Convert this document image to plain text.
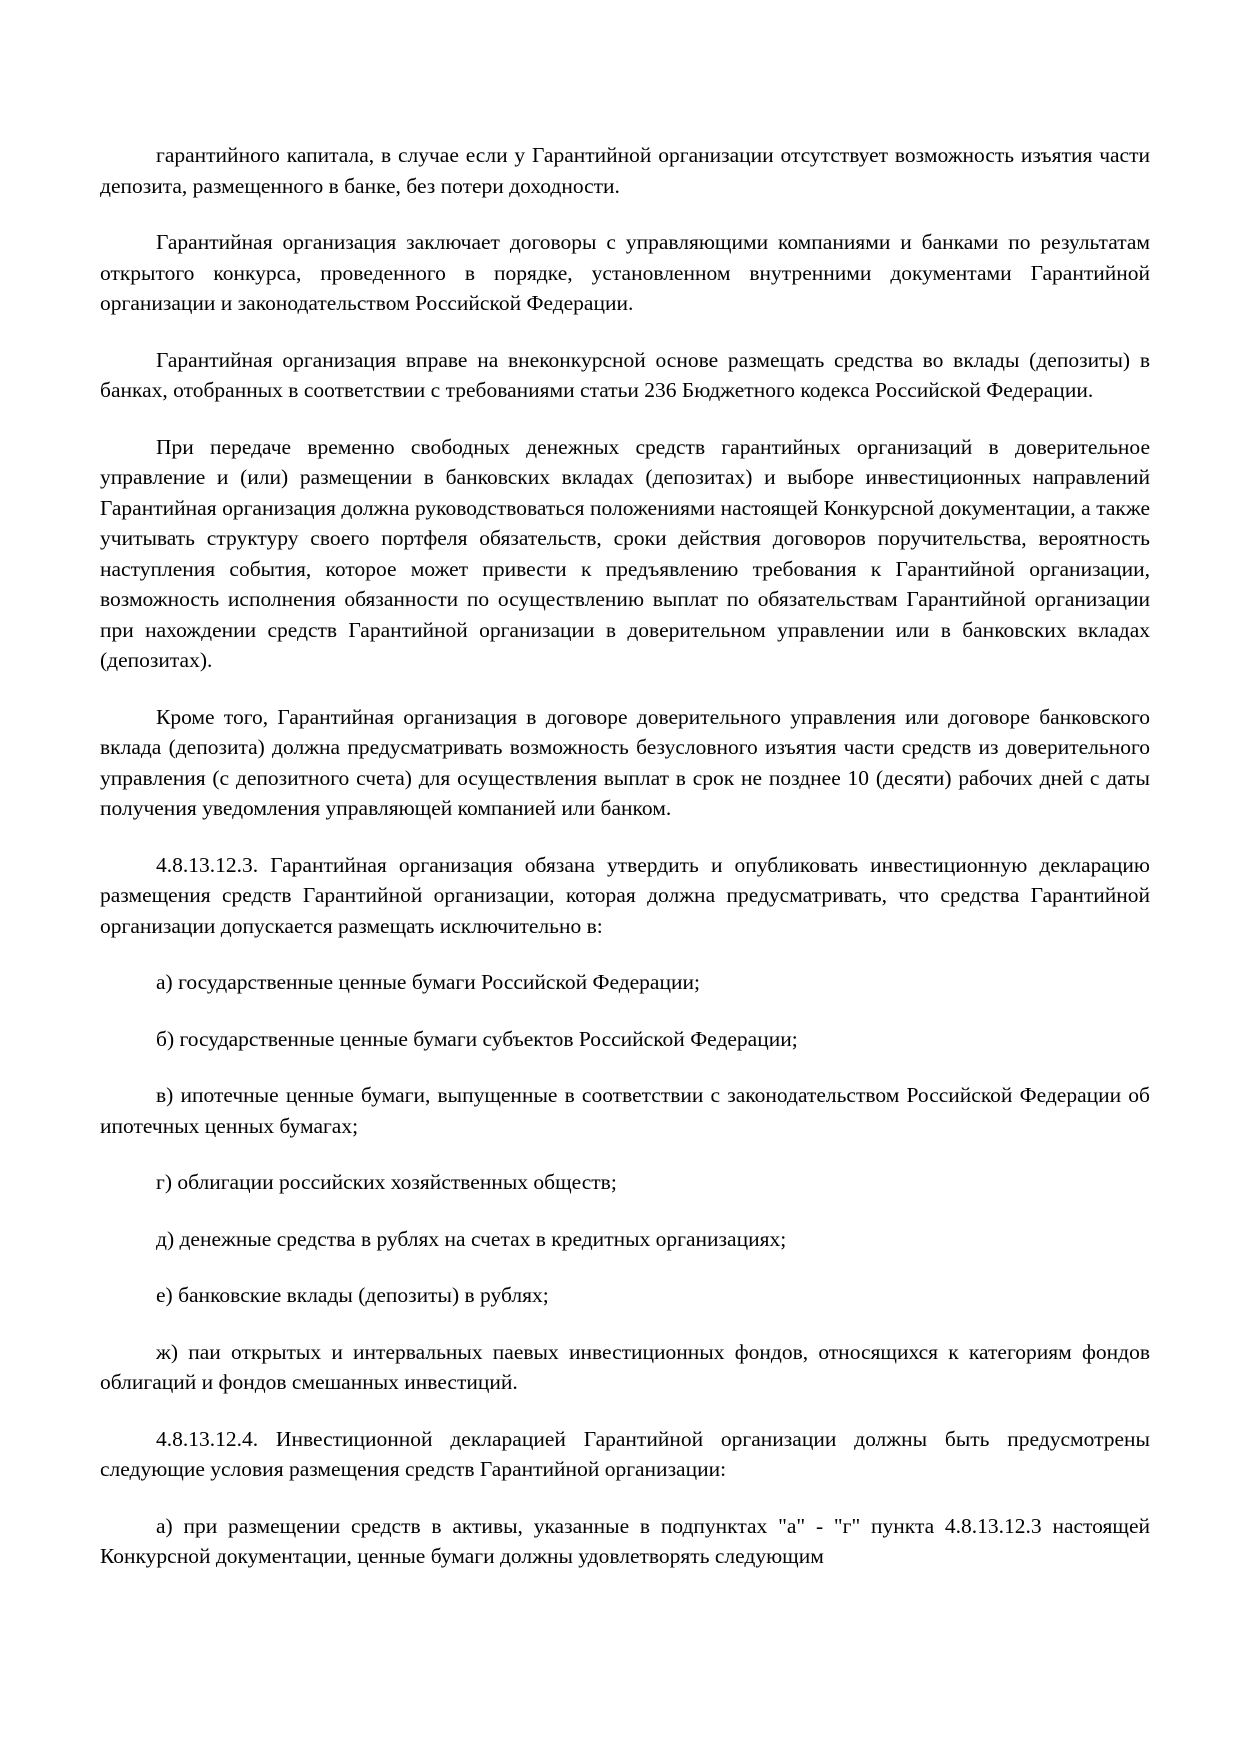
гарантийного капитала, в случае если у Гарантийной организации отсутствует возможность изъятия части депозита, размещенного в банке, без потери доходности.

Гарантийная организация заключает договоры с управляющими компаниями и банками по результатам открытого конкурса, проведенного в порядке, установленном внутренними документами Гарантийной организации и законодательством Российской Федерации.

Гарантийная организация вправе на внеконкурсной основе размещать средства во вклады (депозиты) в банках, отобранных в соответствии с требованиями статьи 236 Бюджетного кодекса Российской Федерации.

При передаче временно свободных денежных средств гарантийных организаций в доверительное управление и (или) размещении в банковских вкладах (депозитах) и выборе инвестиционных направлений Гарантийная организация должна руководствоваться положениями настоящей Конкурсной документации, а также учитывать структуру своего портфеля обязательств, сроки действия договоров поручительства, вероятность наступления события, которое может привести к предъявлению требования к Гарантийной организации, возможность исполнения обязанности по осуществлению выплат по обязательствам Гарантийной организации при нахождении средств Гарантийной организации в доверительном управлении или в банковских вкладах (депозитах).

Кроме того, Гарантийная организация в договоре доверительного управления или договоре банковского вклада (депозита) должна предусматривать возможность безусловного изъятия части средств из доверительного управления (с депозитного счета) для осуществления выплат в срок не позднее 10 (десяти) рабочих дней с даты получения уведомления управляющей компанией или банком.

4.8.13.12.3. Гарантийная организация обязана утвердить и опубликовать инвестиционную декларацию размещения средств Гарантийной организации, которая должна предусматривать, что средства Гарантийной организации допускается размещать исключительно в:

а) государственные ценные бумаги Российской Федерации;

б) государственные ценные бумаги субъектов Российской Федерации;

в) ипотечные ценные бумаги, выпущенные в соответствии с законодательством Российской Федерации об ипотечных ценных бумагах;

г) облигации российских хозяйственных обществ;

д) денежные средства в рублях на счетах в кредитных организациях;

е) банковские вклады (депозиты) в рублях;

ж) паи открытых и интервальных паевых инвестиционных фондов, относящихся к категориям фондов облигаций и фондов смешанных инвестиций.

4.8.13.12.4. Инвестиционной декларацией Гарантийной организации должны быть предусмотрены следующие условия размещения средств Гарантийной организации:

а) при размещении средств в активы, указанные в подпунктах "а" - "г" пункта 4.8.13.12.3 настоящей Конкурсной документации, ценные бумаги должны удовлетворять следующим
